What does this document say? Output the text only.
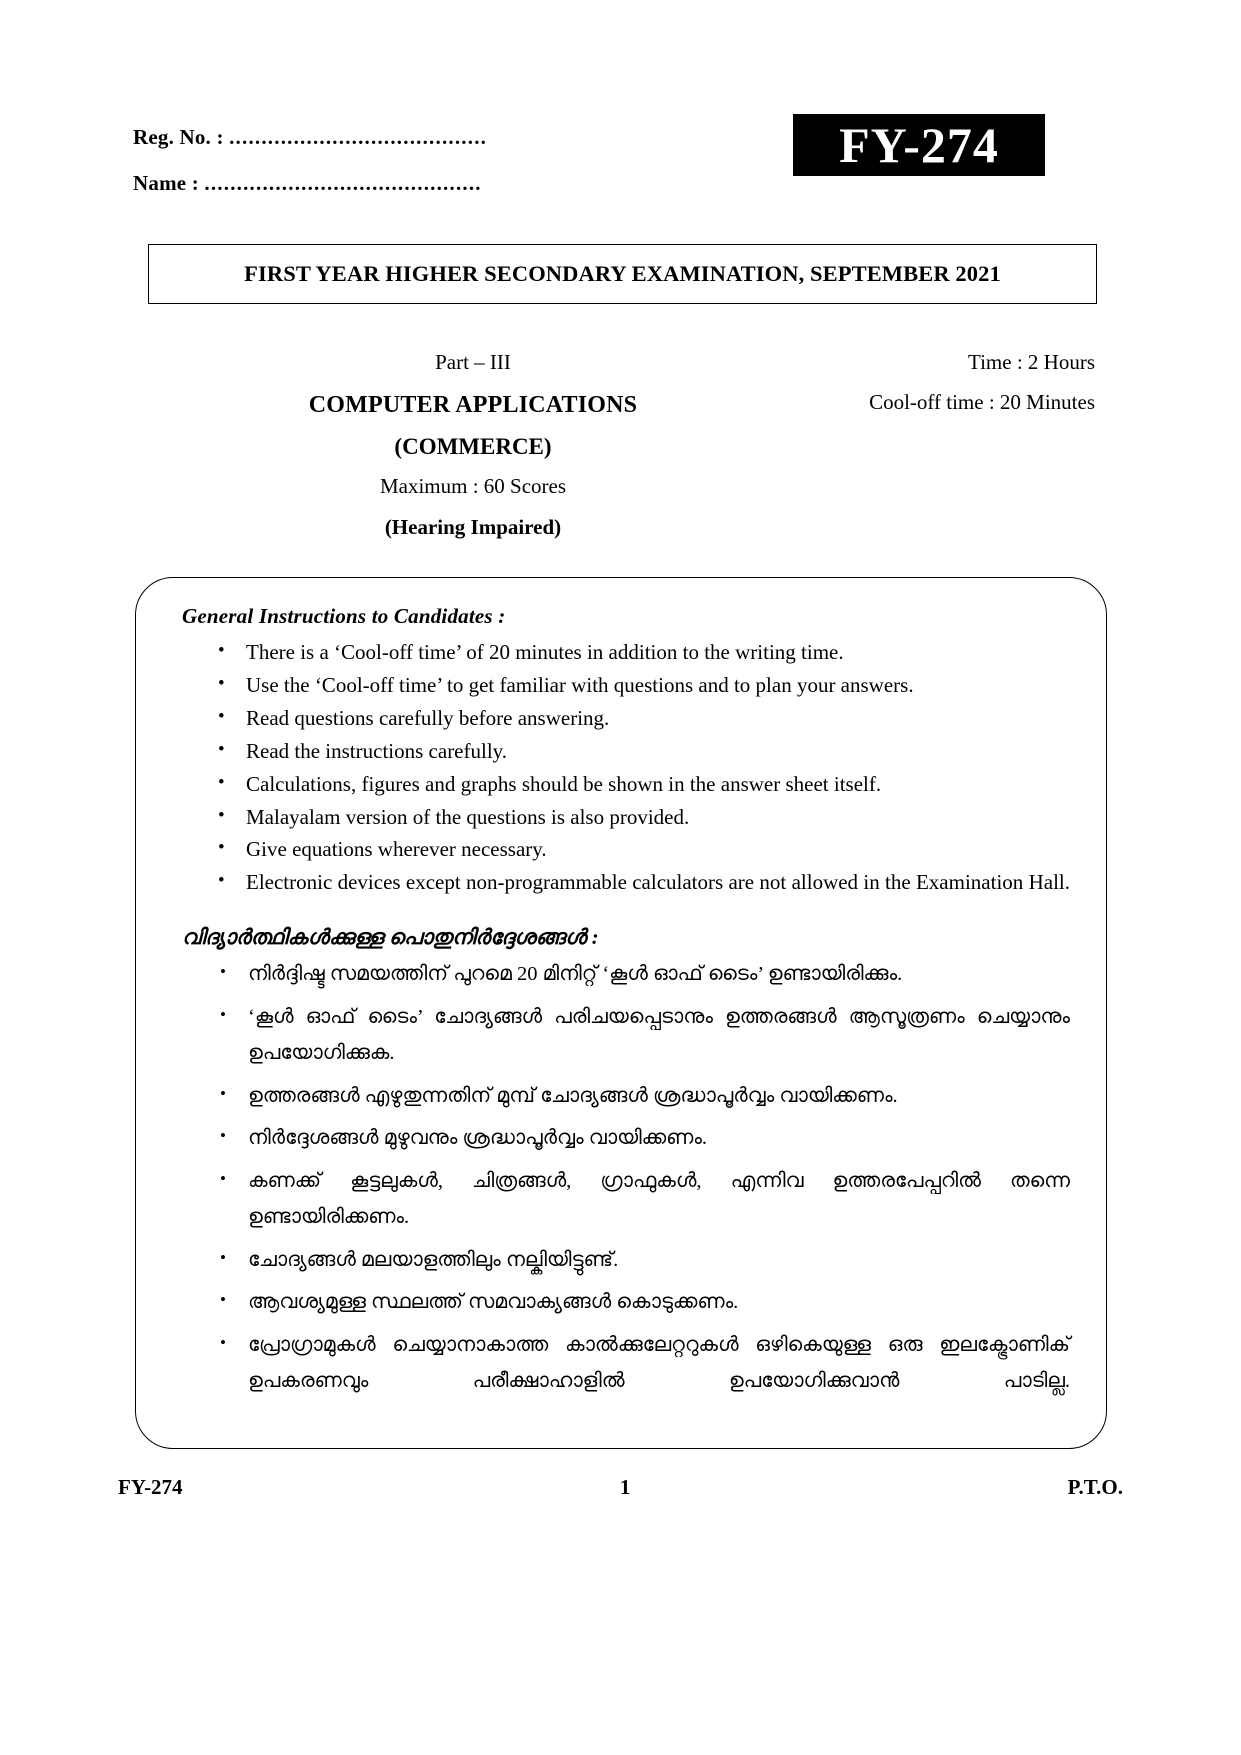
Reg. No. : ........................................
Name : ...........................................
FY-274
FIRST YEAR HIGHER SECONDARY EXAMINATION, SEPTEMBER 2021
Part – III
COMPUTER APPLICATIONS
(COMMERCE)
Maximum : 60 Scores
(Hearing Impaired)
Time : 2 Hours
Cool-off time : 20 Minutes
General Instructions to Candidates :
• There is a ‘Cool-off time’ of 20 minutes in addition to the writing time.
• Use the ‘Cool-off time’ to get familiar with questions and to plan your answers.
• Read questions carefully before answering.
• Read the instructions carefully.
• Calculations, figures and graphs should be shown in the answer sheet itself.
• Malayalam version of the questions is also provided.
• Give equations wherever necessary.
• Electronic devices except non-programmable calculators are not allowed in the Examination Hall.
വിദ്യാർത്ഥികൾക്കുള്ള പൊതുനിർദ്ദേശങ്ങൾ :
• നിർദ്ദിഷ്ട സമയത്തിന് പുറമെ 20 മിനിറ്റ് ‘കൂൾ ഓഫ് ടൈം’ ഉണ്ടായിരിക്കും.
• ‘കൂൾ ഓഫ് ടൈം’ ചോദ്യങ്ങൾ പരിചയപ്പെടാനും ഉത്തരങ്ങൾ ആസൂത്രണം ചെയ്യാനും ഉപയോഗിക്കുക.
• ഉത്തരങ്ങൾ എഴുതുന്നതിന് മുമ്പ് ചോദ്യങ്ങൾ ശ്രദ്ധാപൂർവ്വം വായിക്കണം.
• നിർദ്ദേശങ്ങൾ മുഴുവനും ശ്രദ്ധാപൂർവ്വം വായിക്കണം.
• കണക്ക് കൂട്ടലുകൾ, ചിത്രങ്ങൾ, ഗ്രാഫുകൾ, എന്നിവ ഉത്തരപേപ്പറിൽ തന്നെ ഉണ്ടായിരിക്കണം.
• ചോദ്യങ്ങൾ മലയാളത്തിലും നല്കിയിട്ടുണ്ട്.
• ആവശ്യമുള്ള സ്ഥലത്ത് സമവാക്യങ്ങൾ കൊടുക്കണം.
• പ്രോഗ്രാമുകൾ ചെയ്യാനാകാത്ത കാൽക്കുലേറ്ററുകൾ ഒഴികെയുള്ള ഒരു ഇലക്ട്രോണിക് ഉപകരണവും പരീക്ഷാഹാളിൽ ഉപയോഗിക്കുവാൻ പാടില്ല.
FY-274	1	P.T.O.
